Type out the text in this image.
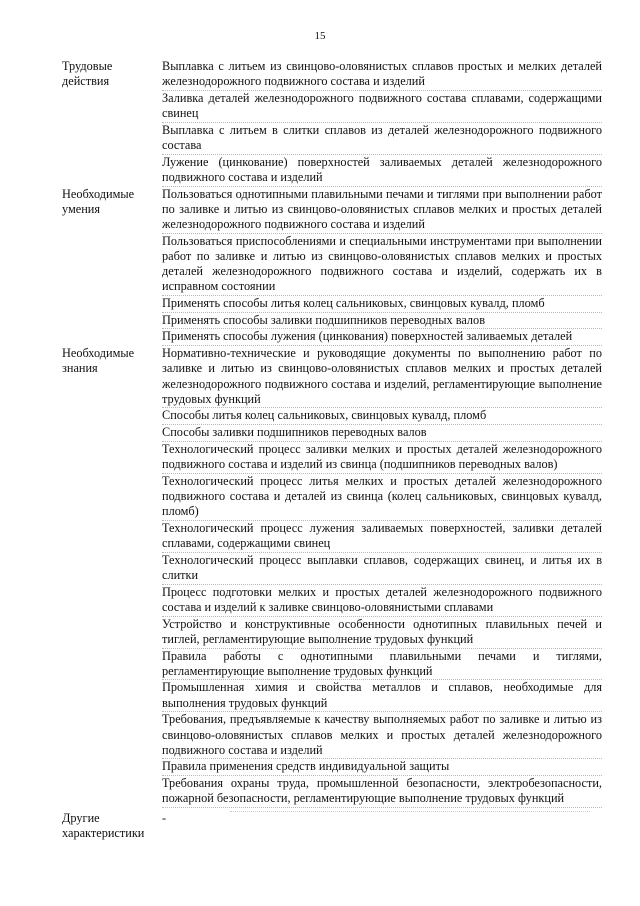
15
Трудовые действия
Выплавка с литьем из свинцово-оловянистых сплавов простых и мелких деталей железнодорожного подвижного состава и изделий
Заливка деталей железнодорожного подвижного состава сплавами, содержащими свинец
Выплавка с литьем в слитки сплавов из деталей железнодорожного подвижного состава
Лужение (цинкование) поверхностей заливаемых деталей железнодорожного подвижного состава и изделий
Необходимые умения
Пользоваться однотипными плавильными печами и тиглями при выполнении работ по заливке и литью из свинцово-оловянистых сплавов мелких и простых деталей железнодорожного подвижного состава и изделий
Пользоваться приспособлениями и специальными инструментами при выполнении работ по заливке и литью из свинцово-оловянистых сплавов мелких и простых деталей железнодорожного подвижного состава и изделий, содержать их в исправном состоянии
Применять способы литья колец сальниковых, свинцовых кувалд, пломб
Применять способы заливки подшипников переводных валов
Применять способы лужения (цинкования) поверхностей заливаемых деталей
Необходимые знания
Нормативно-технические и руководящие документы по выполнению работ по заливке и литью из свинцово-оловянистых сплавов мелких и простых деталей железнодорожного подвижного состава и изделий, регламентирующие выполнение трудовых функций
Способы литья колец сальниковых, свинцовых кувалд, пломб
Способы заливки подшипников переводных валов
Технологический процесс заливки мелких и простых деталей железнодорожного подвижного состава и изделий из свинца (подшипников переводных валов)
Технологический процесс литья мелких и простых деталей железнодорожного подвижного состава и деталей из свинца (колец сальниковых, свинцовых кувалд, пломб)
Технологический процесс лужения заливаемых поверхностей, заливки деталей сплавами, содержащими свинец
Технологический процесс выплавки сплавов, содержащих свинец, и литья их в слитки
Процесс подготовки мелких и простых деталей железнодорожного подвижного состава и изделий к заливке свинцово-оловянистыми сплавами
Устройство и конструктивные особенности однотипных плавильных печей и тиглей, регламентирующие выполнение трудовых функций
Правила работы с однотипными плавильными печами и тиглями, регламентирующие выполнение трудовых функций
Промышленная химия и свойства металлов и сплавов, необходимые для выполнения трудовых функций
Требования, предъявляемые к качеству выполняемых работ по заливке и литью из свинцово-оловянистых сплавов мелких и простых деталей железнодорожного подвижного состава и изделий
Правила применения средств индивидуальной защиты
Требования охраны труда, промышленной безопасности, электробезопасности, пожарной безопасности, регламентирующие выполнение трудовых функций
Другие характеристики
-
